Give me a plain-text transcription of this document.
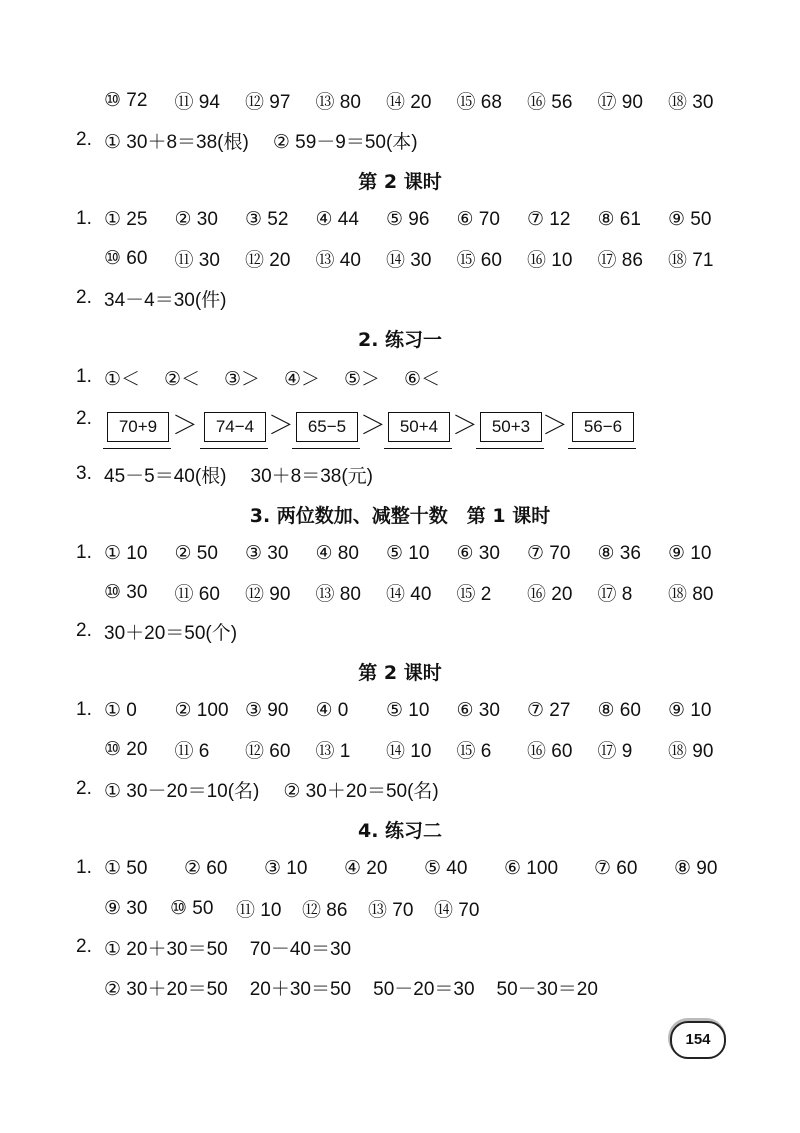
⑩ 72	⑪ 94	⑫ 97	⑬ 80	⑭ 20	⑮ 68	⑯ 56	⑰ 90	⑱ 30
2. ① 30＋8＝38(根) ② 59－9＝50(本)
第 2 课时
1. ① 25	② 30	③ 52	④ 44	⑤ 96	⑥ 70	⑦ 12	⑧ 61	⑨ 50
⑩ 60	⑪ 30	⑫ 20	⑬ 40	⑭ 30	⑮ 60	⑯ 10	⑰ 86	⑱ 71
2. 34－4＝30(件)
2. 练习一
1. ①＜	②＜	③＞	④＞	⑤＞	⑥＜
2.	70+9 ＞	74−4 ＞ 65−5 ＞ 50+4 ＞ 50+3 ＞ 56−6
3. 45－5＝40(根) 30＋8＝38(元)
3. 两位数加、减整十数　第 1 课时
1. ① 10	② 50	③ 30	④ 80	⑤ 10	⑥ 30	⑦ 70	⑧ 36	⑨ 10
⑩ 30	⑪ 60	⑫ 90	⑬ 80	⑭ 40	⑮ 2	⑯ 20	⑰ 8	⑱ 80
2. 30＋20＝50(个)
第 2 课时
1. ① 0	② 100 ③ 90	④ 0	⑤ 10	⑥ 30	⑦ 27	⑧ 60	⑨ 10
⑩ 20	⑪ 6	⑫ 60	⑬ 1	⑭ 10	⑮ 6	⑯ 60	⑰ 9	⑱ 90
2. ① 30－20＝10(名) ② 30＋20＝50(名)
4. 练习二
1. ① 50	② 60	③ 10	④ 20	⑤ 40	⑥ 100	⑦ 60	⑧ 90
⑨ 30	⑩ 50	⑪ 10	⑫ 86	⑬ 70	⑭ 70
2. ① 20＋30＝50 70－40＝30
② 30＋20＝50 20＋30＝50 50－20＝30 50－30＝20
154
